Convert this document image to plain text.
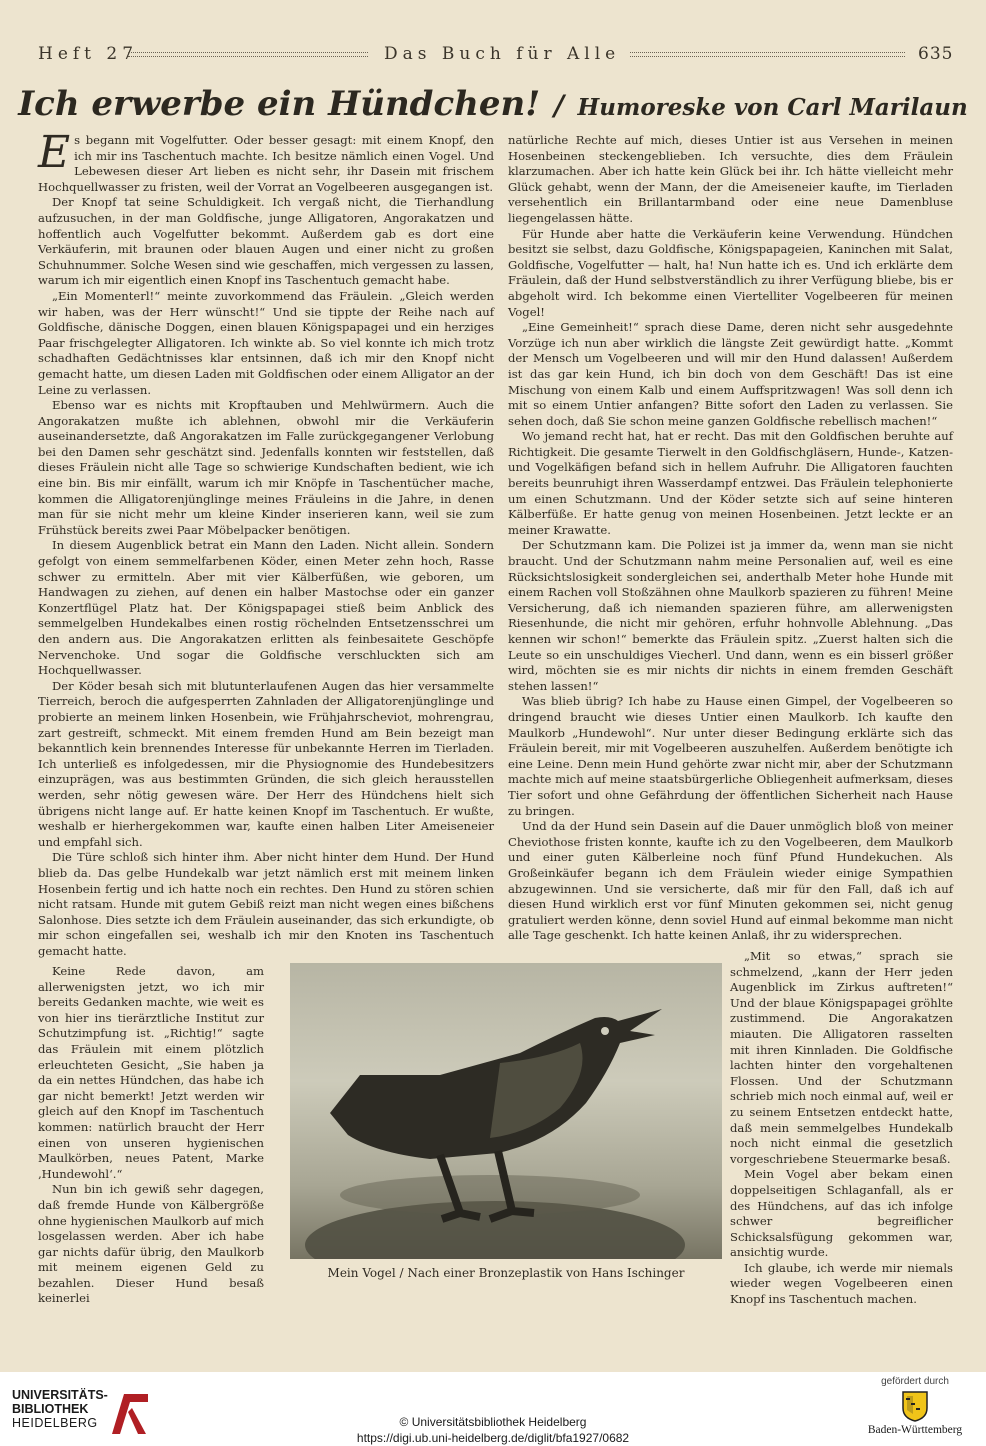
Heft 27	Das Buch für Alle	635
Ich erwerbe ein Hündchen! / Humoreske von Carl Marilaun

Es begann mit Vogelfutter. Oder besser gesagt: mit einem Knopf, den ich mir ins Taschentuch machte. Ich besitze nämlich einen Vogel. Und Lebewesen dieser Art lieben es nicht sehr, ihr Dasein mit frischem Hochquellwasser zu fristen, weil der Vorrat an Vogelbeeren ausgegangen ist.

Der Knopf tat seine Schuldigkeit. Ich vergaß nicht, die Tierhandlung aufzusuchen, in der man Goldfische, junge Alligatoren, Angorakatzen und hoffentlich auch Vogelfutter bekommt. Außerdem gab es dort eine Verkäuferin, mit braunen oder blauen Augen und einer nicht zu großen Schuhnummer. Solche Wesen sind wie geschaffen, mich vergessen zu lassen, warum ich mir eigentlich einen Knopf ins Taschentuch gemacht habe.

„Ein Momenterl!“ meinte zuvorkommend das Fräulein. „Gleich werden wir haben, was der Herr wünscht!“ Und sie tippte der Reihe nach auf Goldfische, dänische Doggen, einen blauen Königspapagei und ein herziges Paar frischgelegter Alligatoren. Ich winkte ab. So viel konnte ich mich trotz schadhaften Gedächtnisses klar entsinnen, daß ich mir den Knopf nicht gemacht hatte, um diesen Laden mit Goldfischen oder einem Alligator an der Leine zu verlassen.

Ebenso war es nichts mit Kropftauben und Mehlwürmern. Auch die Angorakatzen mußte ich ablehnen, obwohl mir die Verkäuferin auseinandersetzte, daß Angorakatzen im Falle zurückgegangener Verlobung bei den Damen sehr geschätzt sind. Jedenfalls konnten wir feststellen, daß dieses Fräulein nicht alle Tage so schwierige Kundschaften bedient, wie ich eine bin. Bis mir einfällt, warum ich mir Knöpfe in Taschentücher mache, kommen die Alligatorenjünglinge meines Fräuleins in die Jahre, in denen man für sie nicht mehr um kleine Kinder inserieren kann, weil sie zum Frühstück bereits zwei Paar Möbelpacker benötigen.

In diesem Augenblick betrat ein Mann den Laden. Nicht allein. Sondern gefolgt von einem semmelfarbenen Köder, einen Meter zehn hoch, Rasse schwer zu ermitteln. Aber mit vier Kälberfüßen, wie geboren, um Handwagen zu ziehen, auf denen ein halber Mastochse oder ein ganzer Konzertflügel Platz hat. Der Königspapagei stieß beim Anblick des semmelgelben Hundekalbes einen rostig röchelnden Entsetzensschrei um den andern aus. Die Angorakatzen erlitten als feinbesaitete Geschöpfe Nervenchoke. Und sogar die Goldfische verschluckten sich am Hochquellwasser.

Der Köder besah sich mit blutunterlaufenen Augen das hier versammelte Tierreich, beroch die aufgesperrten Zahnladen der Alligatorenjünglinge und probierte an meinem linken Hosenbein, wie Frühjahrscheviot, mohrengrau, zart gestreift, schmeckt. Mit einem fremden Hund am Bein bezeigt man bekanntlich kein brennendes Interesse für unbekannte Herren im Tierladen. Ich unterließ es infolgedessen, mir die Physiognomie des Hundebesitzers einzuprägen, was aus bestimmten Gründen, die sich gleich herausstellen werden, sehr nötig gewesen wäre. Der Herr des Hündchens hielt sich übrigens nicht lange auf. Er hatte keinen Knopf im Taschentuch. Er wußte, weshalb er hierhergekommen war, kaufte einen halben Liter Ameiseneier und empfahl sich.

Die Türe schloß sich hinter ihm. Aber nicht hinter dem Hund. Der Hund blieb da. Das gelbe Hundekalb war jetzt nämlich erst mit meinem linken Hosenbein fertig und ich hatte noch ein rechtes. Den Hund zu stören schien nicht ratsam. Hunde mit gutem Gebiß reizt man nicht wegen eines bißchens Salonhose. Dies setzte ich dem Fräulein auseinander, das sich erkundigte, ob mir schon eingefallen sei, weshalb ich mir den Knoten ins Taschentuch gemacht hatte.

natürliche Rechte auf mich, dieses Untier ist aus Versehen in meinen Hosenbeinen steckengeblieben. Ich versuchte, dies dem Fräulein klarzumachen. Aber ich hatte kein Glück bei ihr. Ich hätte vielleicht mehr Glück gehabt, wenn der Mann, der die Ameiseneier kaufte, im Tierladen versehentlich ein Brillantarmband oder eine neue Damenbluse liegengelassen hätte.

Für Hunde aber hatte die Verkäuferin keine Verwendung. Hündchen besitzt sie selbst, dazu Goldfische, Königspapageien, Kaninchen mit Salat, Goldfische, Vogelfutter — halt, ha! Nun hatte ich es. Und ich erklärte dem Fräulein, daß der Hund selbstverständlich zu ihrer Verfügung bliebe, bis er abgeholt wird. Ich bekomme einen Viertelliter Vogelbeeren für meinen Vogel!

„Eine Gemeinheit!“ sprach diese Dame, deren nicht sehr ausgedehnte Vorzüge ich nun aber wirklich die längste Zeit gewürdigt hatte. „Kommt der Mensch um Vogelbeeren und will mir den Hund dalassen! Außerdem ist das gar kein Hund, ich bin doch von dem Geschäft! Das ist eine Mischung von einem Kalb und einem Auffspritzwagen! Was soll denn ich mit so einem Untier anfangen? Bitte sofort den Laden zu verlassen. Sie sehen doch, daß Sie schon meine ganzen Goldfische rebellisch machen!“

Wo jemand recht hat, hat er recht. Das mit den Goldfischen beruhte auf Richtigkeit. Die gesamte Tierwelt in den Goldfischgläsern, Hunde-, Katzen- und Vogelkäfigen befand sich in hellem Aufruhr. Die Alligatoren fauchten bereits beunruhigt ihren Wasserdampf entzwei. Das Fräulein telephonierte um einen Schutzmann. Und der Köder setzte sich auf seine hinteren Kälberfüße. Er hatte genug von meinen Hosenbeinen. Jetzt leckte er an meiner Krawatte.

Der Schutzmann kam. Die Polizei ist ja immer da, wenn man sie nicht braucht. Und der Schutzmann nahm meine Personalien auf, weil es eine Rücksichtslosigkeit sondergleichen sei, anderthalb Meter hohe Hunde mit einem Rachen voll Stoßzähnen ohne Maulkorb spazieren zu führen! Meine Versicherung, daß ich niemanden spazieren führe, am allerwenigsten Riesenhunde, die nicht mir gehören, erfuhr hohnvolle Ablehnung. „Das kennen wir schon!“ bemerkte das Fräulein spitz. „Zuerst halten sich die Leute so ein unschuldiges Viecherl. Und dann, wenn es ein bisserl größer wird, möchten sie es mir nichts dir nichts in einem fremden Geschäft stehen lassen!“

Was blieb übrig? Ich habe zu Hause einen Gimpel, der Vogelbeeren so dringend braucht wie dieses Untier einen Maulkorb. Ich kaufte den Maulkorb „Hundewohl“. Nur unter dieser Bedingung erklärte sich das Fräulein bereit, mir mit Vogelbeeren auszuhelfen. Außerdem benötigte ich eine Leine. Denn mein Hund gehörte zwar nicht mir, aber der Schutzmann machte mich auf meine staatsbürgerliche Obliegenheit aufmerksam, dieses Tier sofort und ohne Gefährdung der öffentlichen Sicherheit nach Hause zu bringen.

Und da der Hund sein Dasein auf die Dauer unmöglich bloß von meiner Cheviothose fristen konnte, kaufte ich zu den Vogelbeeren, dem Maulkorb und einer guten Kälberleine noch fünf Pfund Hundekuchen. Als Großeinkäufer begann ich dem Fräulein wieder einige Sympathien abzugewinnen. Und sie versicherte, daß mir für den Fall, daß ich auf diesen Hund wirklich erst vor fünf Minuten gekommen sei, nicht genug gratuliert werden könne, denn soviel Hund auf einmal bekomme man nicht alle Tage geschenkt. Ich hatte keinen Anlaß, ihr zu widersprechen.

Keine Rede davon, am allerwenigsten jetzt, wo ich mir bereits Gedanken machte, wie weit es von hier ins tierärztliche Institut zur Schutzimpfung ist. „Richtig!“ sagte das Fräulein mit einem plötzlich erleuchteten Gesicht, „Sie haben ja da ein nettes Hündchen, das habe ich gar nicht bemerkt! Jetzt werden wir gleich auf den Knopf im Taschentuch kommen: natürlich braucht der Herr einen von unseren hygienischen Maulkörben, neues Patent, Marke ‚Hundewohl‘.“

Nun bin ich gewiß sehr dagegen, daß fremde Hunde von Kälbergröße ohne hygienischen Maulkorb auf mich losgelassen werden. Aber ich habe gar nichts dafür übrig, den Maulkorb mit meinem eigenen Geld zu bezahlen. Dieser Hund besaß keinerlei

„Mit so etwas,“ sprach sie schmelzend, „kann der Herr jeden Augenblick im Zirkus auftreten!“ Und der blaue Königspapagei gröhlte zustimmend. Die Angorakatzen miauten. Die Alligatoren rasselten mit ihren Kinnladen. Die Goldfische lachten hinter den vorgehaltenen Flossen. Und der Schutzmann schrieb mich noch einmal auf, weil er zu seinem Entsetzen entdeckt hatte, daß mein semmelgelbes Hundekalb noch nicht einmal die gesetzlich vorgeschriebene Steuermarke besaß.

Mein Vogel aber bekam einen doppelseitigen Schlaganfall, als er des Hündchens, auf das ich infolge schwer begreiflicher Schicksalsfügung gekommen war, ansichtig wurde.

Ich glaube, ich werde mir niemals wieder wegen Vogelbeeren einen Knopf ins Taschentuch machen.

Mein Vogel / Nach einer Bronzeplastik von Hans Ischinger
UNIVERSITÄTS-
BIBLIOTHEK
HEIDELBERG	© Universitätsbibliothek Heidelberg
https://digi.ub.uni-heidelberg.de/diglit/bfa1927/0682
gefördert durch
Baden-Württemberg
